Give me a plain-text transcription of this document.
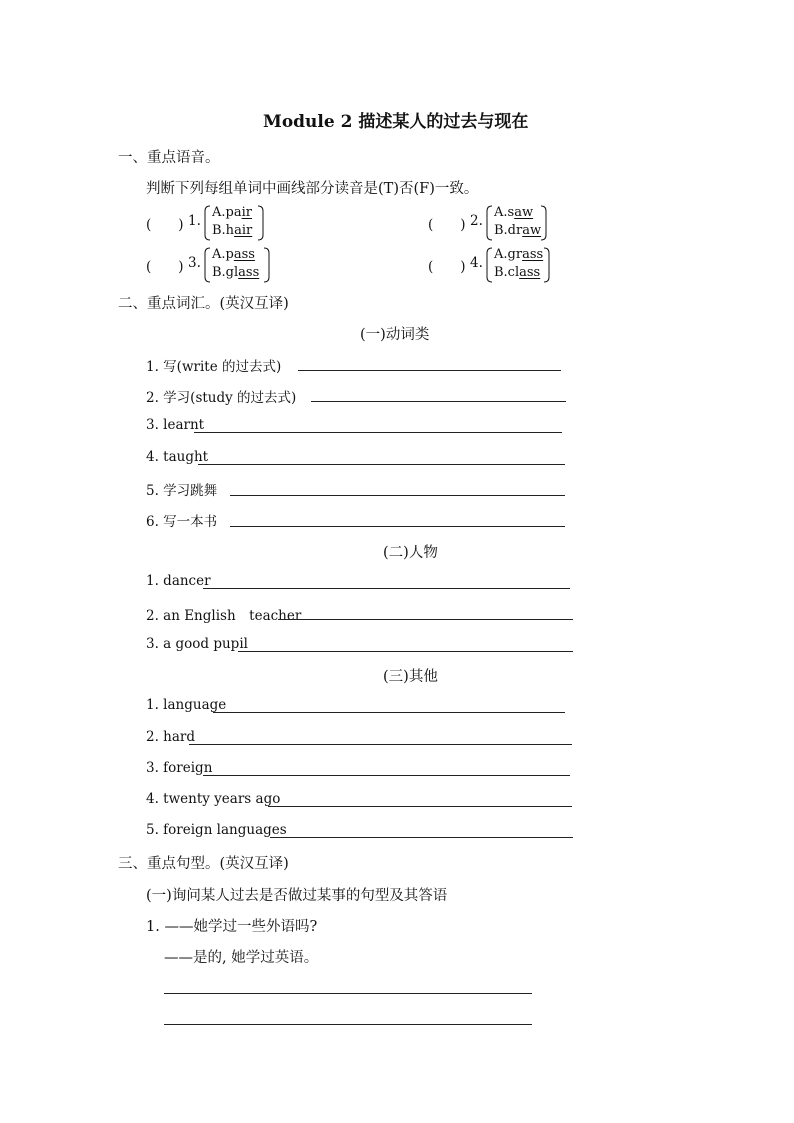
Module 2 描述某人的过去与现在
一、重点语音。
判断下列每组单词中画线部分读音是(T)否(F)一致。
(　　) 1.
A.pair
B.hair	(　　) 2.
A.saw
B.draw
(　　) 3.
A.pass
B.glass	(　　) 4.
A.grass
B.class
二、重点词汇。(英汉互译)
(一)动词类
1. 写(write 的过去式)
2. 学习(study 的过去式)
3. learnt
4. taught
5. 学习跳舞
6. 写一本书
(二)人物
1. dancer
2. an English　teacher
3. a good pupil
(三)其他
1. language
2. hard
3. foreign
4. twenty years ago
5. foreign languages
三、重点句型。(英汉互译)
(一)询问某人过去是否做过某事的句型及其答语
1. ——她学过一些外语吗?
——是的, 她学过英语。
